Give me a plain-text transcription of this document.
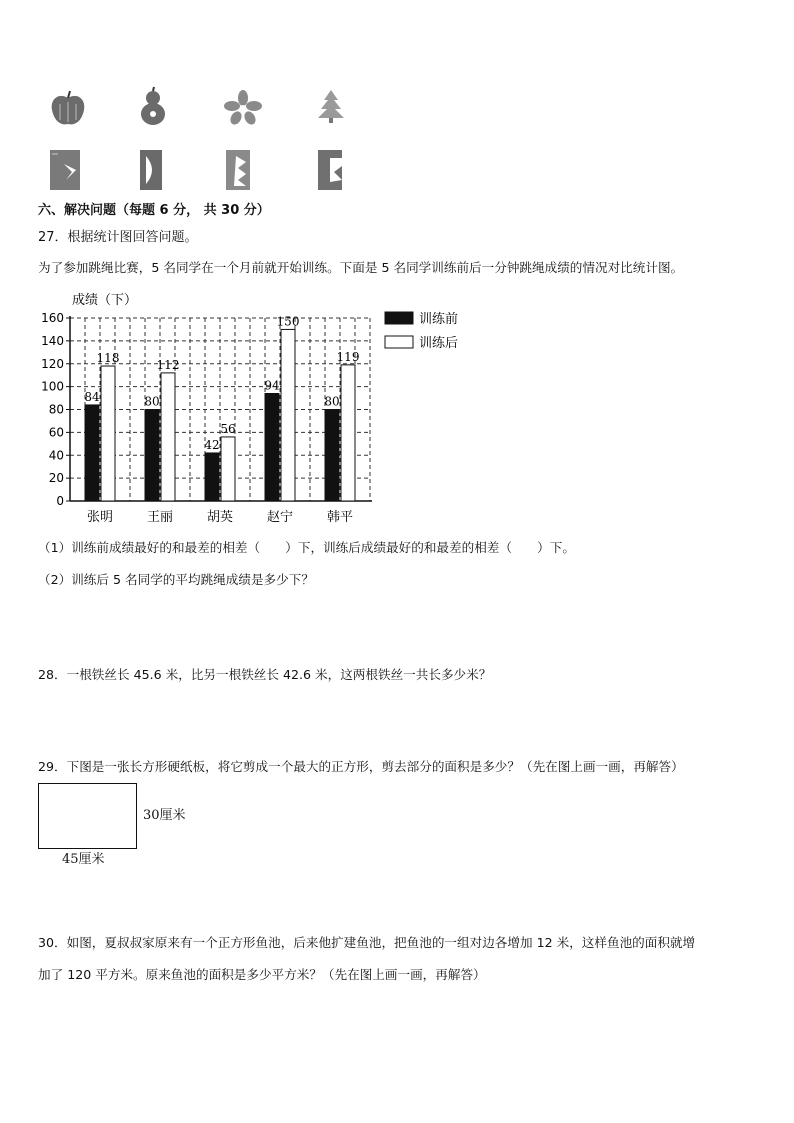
六、解决问题（每题 6 分， 共 30 分）
27．根据统计图回答问题。
为了参加跳绳比赛，5 名同学在一个月前就开始训练。下面是 5 名同学训练前后一分钟跳绳成绩的情况对比统计图。
成绩（下）
0
20
40
60
80
100
120
140
160
84
118
张明
80
112
王丽
42
56
胡英
94
150
赵宁
80
119
韩平
训练前
训练后
（1）训练前成绩最好的和最差的相差（　　）下，训练后成绩最好的和最差的相差（　　）下。
（2）训练后 5 名同学的平均跳绳成绩是多少下？
28．一根铁丝长 45.6 米，比另一根铁丝长 42.6 米，这两根铁丝一共长多少米？
29．下图是一张长方形硬纸板，将它剪成一个最大的正方形，剪去部分的面积是多少？（先在图上画一画，再解答）
30厘米
45厘米
30．如图，夏叔叔家原来有一个正方形鱼池，后来他扩建鱼池，把鱼池的一组对边各增加 12 米，这样鱼池的面积就增
加了 120 平方米。原来鱼池的面积是多少平方米？（先在图上画一画，再解答）
